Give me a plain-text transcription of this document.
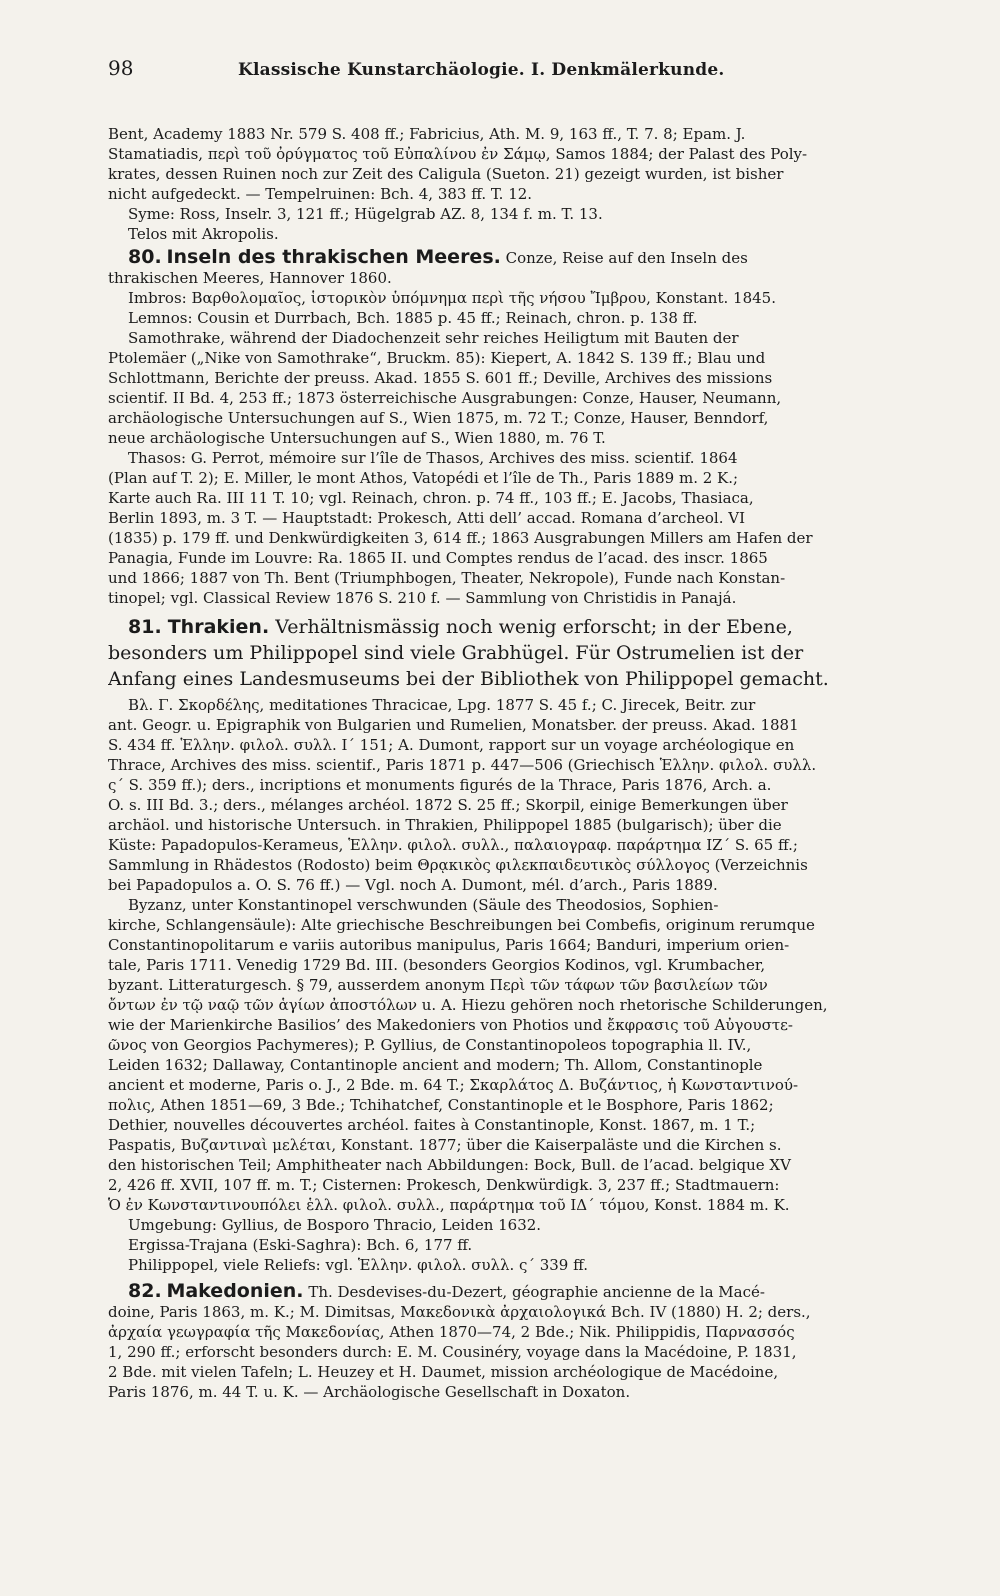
98	Klassische Kunstarchäologie. I. Denkmälerkunde.
Bent, Academy 1883 Nr. 579 S. 408 ff.; Fabricius, Ath. M. 9, 163 ff., T. 7. 8; Epam. J.
Stamatiadis, περὶ τοῦ ὀρύγματος τοῦ Εὐπαλίνου ἐν Σάμῳ, Samos 1884; der Palast des Poly-
krates, dessen Ruinen noch zur Zeit des Caligula (Sueton. 21) gezeigt wurden, ist bisher
nicht aufgedeckt. — Tempelruinen: Bch. 4, 383 ff. T. 12.
Syme: Ross, Inselr. 3, 121 ff.; Hügelgrab AZ. 8, 134 f. m. T. 13.
Telos mit Akropolis.
80. Inseln des thrakischen Meeres. Conze, Reise auf den Inseln des
thrakischen Meeres, Hannover 1860.
Imbros: Βαρθολομαῖος, ἱστορικὸν ὑπόμνημα περὶ τῆς νήσου Ἴμβρου, Konstant. 1845.
Lemnos: Cousin et Durrbach, Bch. 1885 p. 45 ff.; Reinach, chron. p. 138 ff.
Samothrake, während der Diadochenzeit sehr reiches Heiligtum mit Bauten der
Ptolemäer („Nike von Samothrake“, Bruckm. 85): Kiepert, A. 1842 S. 139 ff.; Blau und
Schlottmann, Berichte der preuss. Akad. 1855 S. 601 ff.; Deville, Archives des missions
scientif. II Bd. 4, 253 ff.; 1873 österreichische Ausgrabungen: Conze, Hauser, Neumann,
archäologische Untersuchungen auf S., Wien 1875, m. 72 T.; Conze, Hauser, Benndorf,
neue archäologische Untersuchungen auf S., Wien 1880, m. 76 T.
Thasos: G. Perrot, mémoire sur l’île de Thasos, Archives des miss. scientif. 1864
(Plan auf T. 2); E. Miller, le mont Athos, Vatopédi et l’île de Th., Paris 1889 m. 2 K.;
Karte auch Ra. III 11 T. 10; vgl. Reinach, chron. p. 74 ff., 103 ff.; E. Jacobs, Thasiaca,
Berlin 1893, m. 3 T. — Hauptstadt: Prokesch, Atti dell’ accad. Romana d’archeol. VI
(1835) p. 179 ff. und Denkwürdigkeiten 3, 614 ff.; 1863 Ausgrabungen Millers am Hafen der
Panagia, Funde im Louvre: Ra. 1865 II. und Comptes rendus de l’acad. des inscr. 1865
und 1866; 1887 von Th. Bent (Triumphbogen, Theater, Nekropole), Funde nach Konstan-
tinopel; vgl. Classical Review 1876 S. 210 f. — Sammlung von Christidis in Panajá.
81. Thrakien. Verhältnismässig noch wenig erforscht; in der Ebene,
besonders um Philippopel sind viele Grabhügel. Für Ostrumelien ist der
Anfang eines Landesmuseums bei der Bibliothek von Philippopel gemacht.
Βλ. Γ. Σκορδέλης, meditationes Thracicae, Lpg. 1877 S. 45 f.; C. Jirecek, Beitr. zur
ant. Geogr. u. Epigraphik von Bulgarien und Rumelien, Monatsber. der preuss. Akad. 1881
S. 434 ff. Ἑλλην. φιλολ. συλλ. Ι΄ 151; A. Dumont, rapport sur un voyage archéologique en
Thrace, Archives des miss. scientif., Paris 1871 p. 447—506 (Griechisch Ἑλλην. φιλολ. συλλ.
ς΄ S. 359 ff.); ders., incriptions et monuments figurés de la Thrace, Paris 1876, Arch. a.
O. s. III Bd. 3.; ders., mélanges archéol. 1872 S. 25 ff.; Skorpil, einige Bemerkungen über
archäol. und historische Untersuch. in Thrakien, Philippopel 1885 (bulgarisch); über die
Küste: Papadopulos-Kerameus, Ἑλλην. φιλολ. συλλ., παλαιογραφ. παράρτημα ΙΖ΄ S. 65 ff.;
Sammlung in Rhädestos (Rodosto) beim Θρᾳκικὸς φιλεκπαιδευτικὸς σύλλογος (Verzeichnis
bei Papadopulos a. O. S. 76 ff.) — Vgl. noch A. Dumont, mél. d’arch., Paris 1889.
Byzanz, unter Konstantinopel verschwunden (Säule des Theodosios, Sophien-
kirche, Schlangensäule): Alte griechische Beschreibungen bei Combefis, originum rerumque
Constantinopolitarum e variis autoribus manipulus, Paris 1664; Banduri, imperium orien-
tale, Paris 1711. Venedig 1729 Bd. III. (besonders Georgios Kodinos, vgl. Krumbacher,
byzant. Litteraturgesch. § 79, ausserdem anonym Περὶ τῶν τάφων τῶν βασιλείων τῶν
ὄντων ἐν τῷ ναῷ τῶν ἁγίων ἀποστόλων u. A. Hiezu gehören noch rhetorische Schilderungen,
wie der Marienkirche Basilios’ des Makedoniers von Photios und ἔκφρασις τοῦ Αὐγουστε-
ῶνος von Georgios Pachymeres); P. Gyllius, de Constantinopoleos topographia ll. IV.,
Leiden 1632; Dallaway, Contantinople ancient and modern; Th. Allom, Constantinople
ancient et moderne, Paris o. J., 2 Bde. m. 64 T.; Σκαρλάτος Δ. Βυζάντιος, ἡ Κωνσταντινού-
πολις, Athen 1851—69, 3 Bde.; Tchihatchef, Constantinople et le Bosphore, Paris 1862;
Dethier, nouvelles découvertes archéol. faites à Constantinople, Konst. 1867, m. 1 T.;
Paspatis, Βυζαντιναὶ μελέται, Konstant. 1877; über die Kaiserpaläste und die Kirchen s.
den historischen Teil; Amphitheater nach Abbildungen: Bock, Bull. de l’acad. belgique XV
2, 426 ff. XVII, 107 ff. m. T.; Cisternen: Prokesch, Denkwürdigk. 3, 237 ff.; Stadtmauern:
Ὁ ἐν Κωνσταντινουπόλει ἑλλ. φιλολ. συλλ., παράρτημα τοῦ ΙΔ΄ τόμου, Konst. 1884 m. K.
Umgebung: Gyllius, de Bosporo Thracio, Leiden 1632.
Ergissa-Trajana (Eski-Saghra): Bch. 6, 177 ff.
Philippopel, viele Reliefs: vgl. Ἑλλην. φιλολ. συλλ. ς΄ 339 ff.
82. Makedonien. Th. Desdevises-du-Dezert, géographie ancienne de la Macé-
doine, Paris 1863, m. K.; M. Dimitsas, Μακεδονικὰ ἀρχαιολογικά Bch. IV (1880) H. 2; ders.,
ἀρχαία γεωγραφία τῆς Μακεδονίας, Athen 1870—74, 2 Bde.; Nik. Philippidis, Παρνασσός
1, 290 ff.; erforscht besonders durch: E. M. Cousinéry, voyage dans la Macédoine, P. 1831,
2 Bde. mit vielen Tafeln; L. Heuzey et H. Daumet, mission archéologique de Macédoine,
Paris 1876, m. 44 T. u. K. — Archäologische Gesellschaft in Doxaton.
